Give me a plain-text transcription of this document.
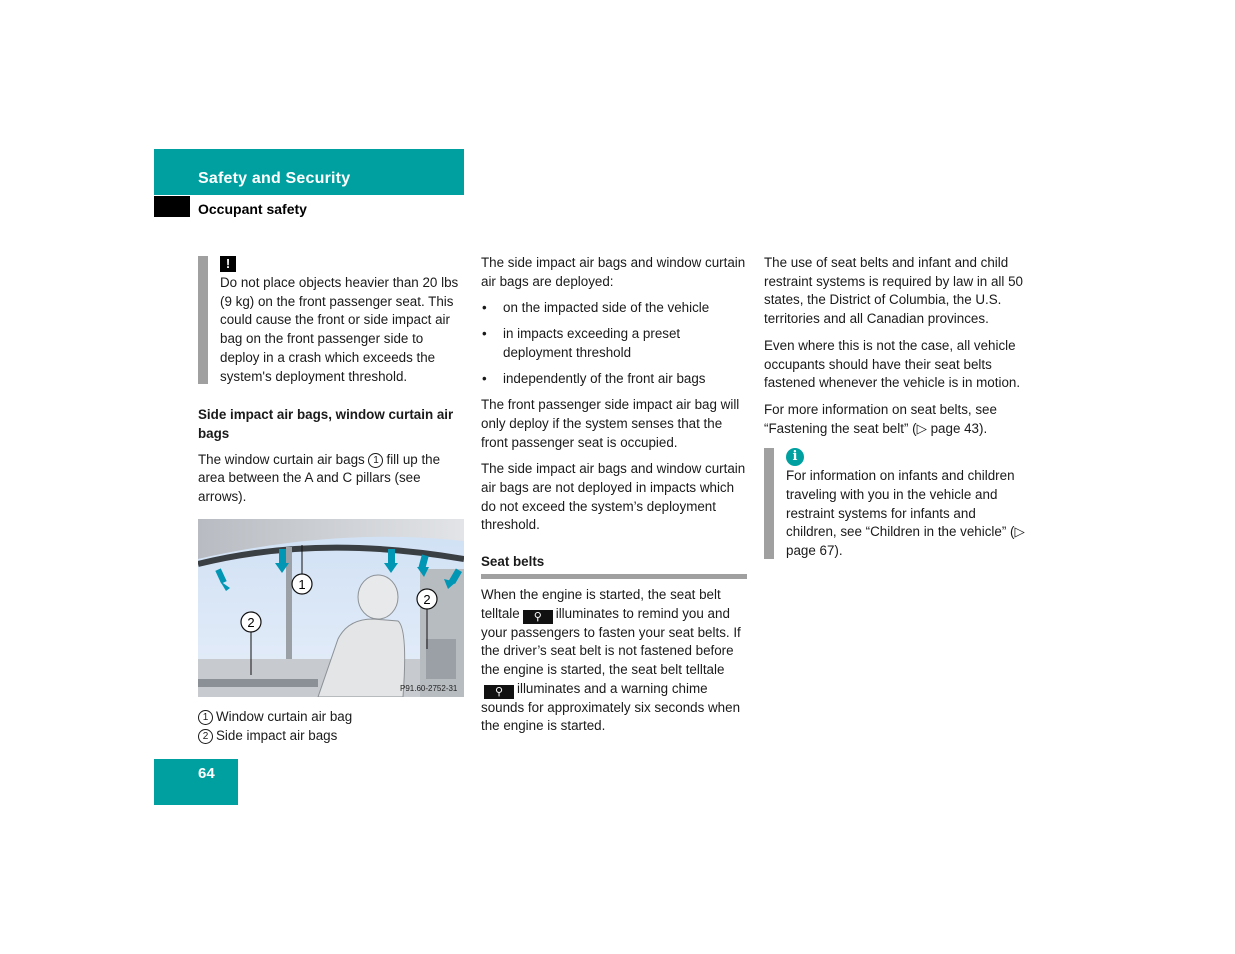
Safety and Security
Occupant safety
!
Do not place objects heavier than 20 lbs (9 kg) on the front passenger seat. This could cause the front or side impact air bag on the front passenger side to deploy in a crash which exceeds the system's deployment threshold.
Side impact air bags, window curtain air bags

The window curtain air bags 1 fill up the area between the A and C pillars (see arrows).

1
2
2
P91.60-2752-31
1 Window curtain air bag
2 Side impact air bags

The side impact air bags and window curtain air bags are deployed:

• on the impacted side of the vehicle
• in impacts exceeding a preset deployment threshold
• independently of the front air bags

The front passenger side impact air bag will only deploy if the system senses that the front passenger seat is occupied.

The side impact air bags and window curtain air bags are not deployed in impacts which do not exceed the system’s deployment threshold.

Seat belts

When the engine is started, the seat belt telltale ⚲ illuminates to remind you and your passengers to fasten your seat belts. If the driver’s seat belt is not fastened before the engine is started, the seat belt telltale⚲ illuminates and a warning chime sounds for approximately six seconds when the engine is started.

The use of seat belts and infant and child restraint systems is required by law in all 50 states, the District of Columbia, the U.S. territories and all Canadian provinces.

Even where this is not the case, all vehicle occupants should have their seat belts fastened whenever the vehicle is in motion.

For more information on seat belts, see “Fastening the seat belt” (▷ page 43).

i
For information on infants and children traveling with you in the vehicle and restraint systems for infants and children, see “Children in the vehicle” (▷ page 67).
64
